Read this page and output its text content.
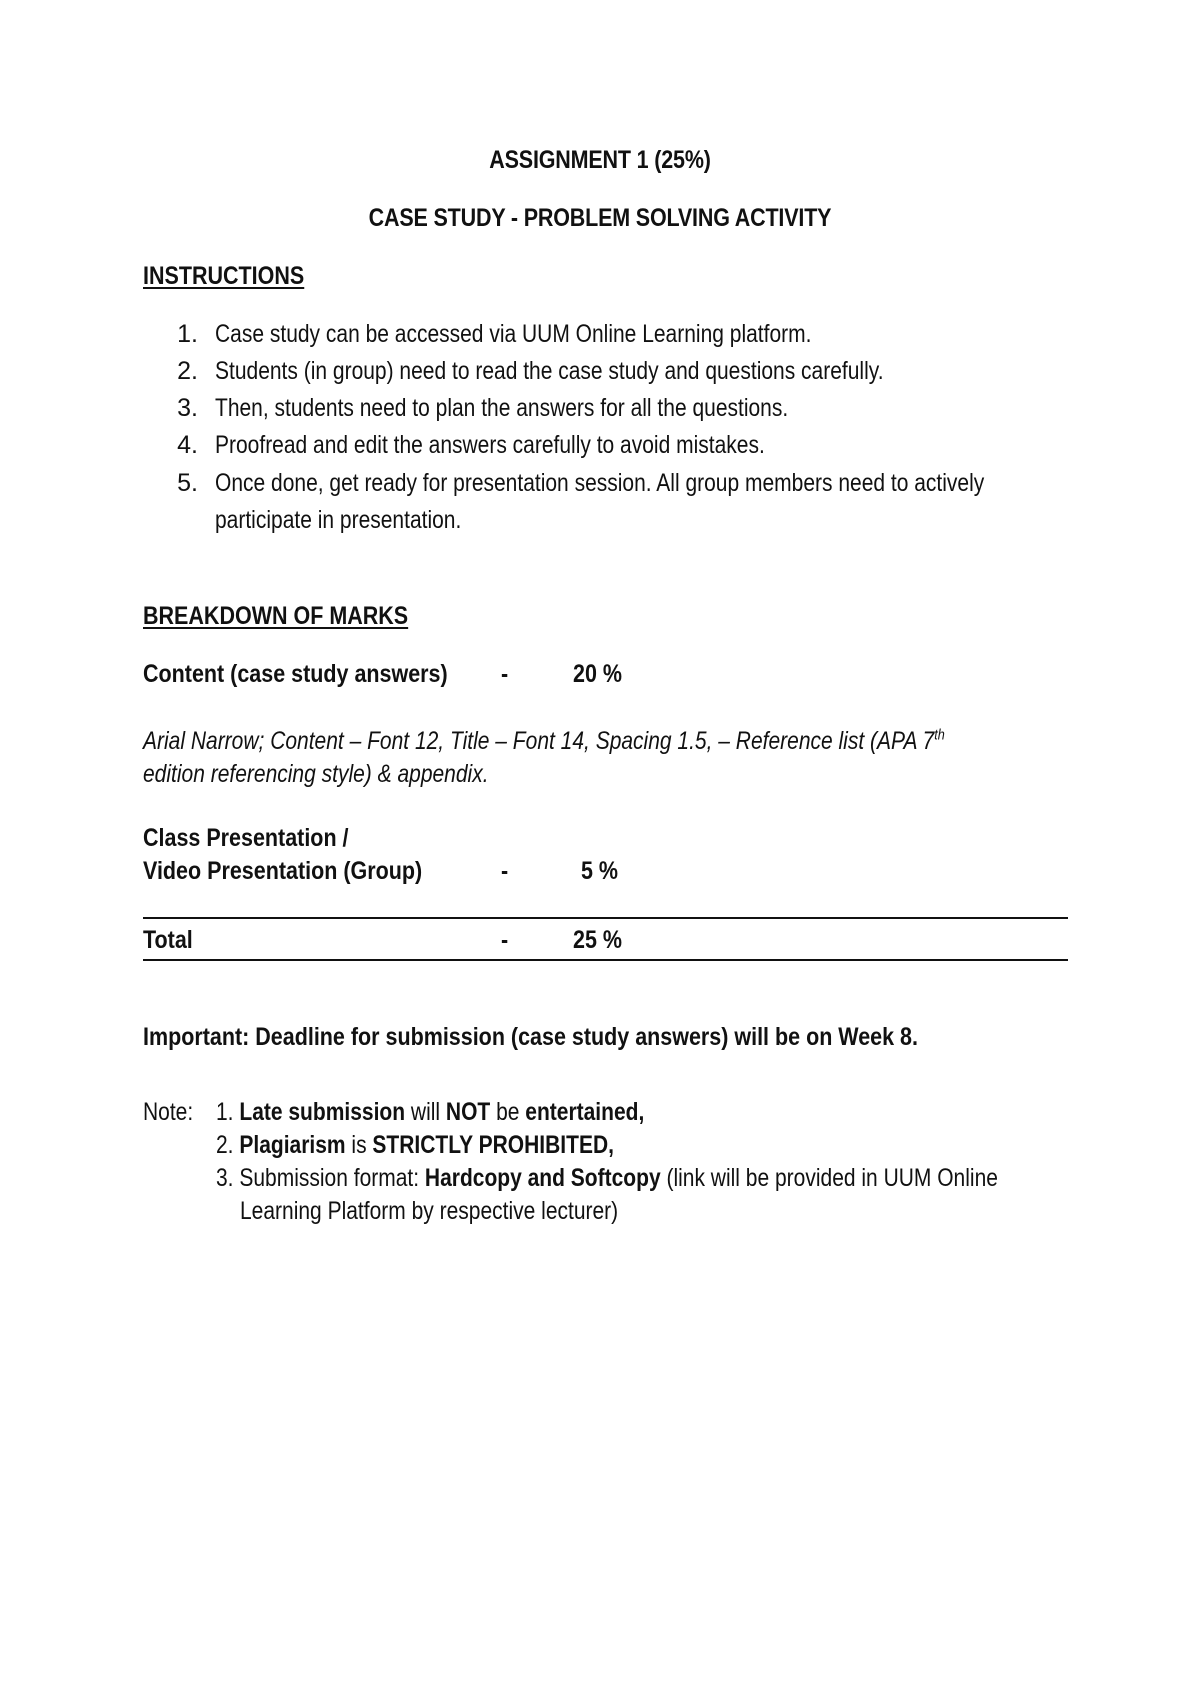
ASSIGNMENT 1 (25%)
CASE STUDY - PROBLEM SOLVING ACTIVITY
INSTRUCTIONS
1. Case study can be accessed via UUM Online Learning platform.
2. Students (in group) need to read the case study and questions carefully.
3. Then, students need to plan the answers for all the questions.
4. Proofread and edit the answers carefully to avoid mistakes.
5. Once done, get ready for presentation session. All group members need to actively
participate in presentation.
BREAKDOWN OF MARKS
Content (case study answers) -	20 %
Arial Narrow; Content – Font 12, Title – Font 14, Spacing 1.5, – Reference list (APA 7th
edition referencing style) & appendix.
Class Presentation /
Video Presentation (Group)	-	5 %
Total	-	25 %
Important: Deadline for submission (case study answers) will be on Week 8.
Note: 1. Late submission will NOT be entertained,
2. Plagiarism is STRICTLY PROHIBITED,
3. Submission format: Hardcopy and Softcopy (link will be provided in UUM Online
Learning Platform by respective lecturer)
